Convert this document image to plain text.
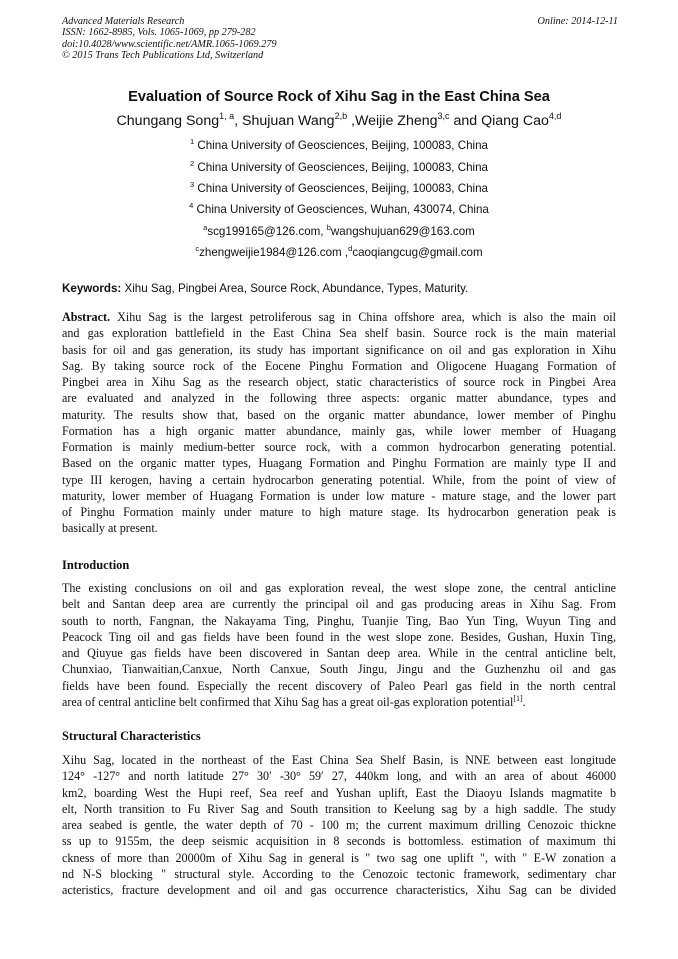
Advanced Materials Research
ISSN: 1662-8985, Vols. 1065-1069, pp 279-282
doi:10.4028/www.scientific.net/AMR.1065-1069.279
© 2015 Trans Tech Publications Ltd, Switzerland
Online: 2014-12-11
Evaluation of Source Rock of Xihu Sag in the East China Sea
Chungang Song$^{1, a}$, Shujuan Wang$^{2,b}$ ,Weijie Zheng$^{3,c}$ and Qiang Cao$^{4,d}$
$^1$ China University of Geosciences, Beijing, 100083, China
$^2$ China University of Geosciences, Beijing, 100083, China
$^3$ China University of Geosciences, Beijing, 100083, China
$^4$ China University of Geosciences, Wuhan, 430074, China
$^a$scg199165@126.com, $^b$wangshujuan629@163.com
$^c$zhengweijie1984@126.com ,$^d$caoqiangcug@gmail.com
Keywords: Xihu Sag, Pingbei Area, Source Rock, Abundance, Types, Maturity.
Abstract. Xihu Sag is the largest petroliferous sag in China offshore area, which is also the main oil
and gas exploration battlefield in the East China Sea shelf basin. Source rock is the main material
basis for oil and gas generation, its study has important significance on oil and gas exploration in Xihu
Sag. By taking source rock of the Eocene Pinghu Formation and Oligocene Huagang Formation of
Pingbei area in Xihu Sag as the research object, static characteristics of source rock in Pingbei Area
are evaluated and analyzed in the following three aspects: organic matter abundance, types and
maturity. The results show that, based on the organic matter abundance, lower member of Pinghu
Formation has a high organic matter abundance, mainly gas, while lower member of Huagang
Formation is mainly medium-better source rock, with a common hydrocarbon generating potential.
Based on the organic matter types, Huagang Formation and Pinghu Formation are mainly type II and
type III kerogen, having a certain hydrocarbon generating potential. While, from the point of view of
maturity, lower member of Huagang Formation is under low mature - mature stage, and the lower part
of Pinghu Formation mainly under mature to high mature stage. Its hydrocarbon generation peak is
basically at present.
Introduction
The existing conclusions on oil and gas exploration reveal, the west slope zone, the central anticline
belt and Santan deep area are currently the principal oil and gas producing areas in Xihu Sag. From
south to north, Fangnan, the Nakayama Ting, Pinghu, Tuanjie Ting, Bao Yun Ting, Wuyun Ting and
Peacock Ting oil and gas fields have been found in the west slope zone. Besides, Gushan, Huxin Ting,
and Qiuyue gas fields have been discovered in Santan deep area. While in the central anticline belt,
Chunxiao, Tianwaitian,Canxue, North Canxue, South Jingu, Jingu and the Guzhenzhu oil and gas
fields have been found. Especially the recent discovery of Paleo Pearl gas field in the north central
area of central anticline belt confirmed that Xihu Sag has a great oil-gas exploration potential[1].
Structural Characteristics
Xihu Sag, located in the northeast of the East China Sea Shelf Basin, is NNE between east longitude
124° -127° and north latitude 27° 30′ -30° 59′ 27, 440km long, and with an area of about 46000
km2, boarding West the Hupi reef, Sea reef and Yushan uplift, East the Diaoyu Islands magmatite b
elt, North transition to Fu River Sag and South transition to Keelung sag by a high saddle. The study
area seabed is gentle, the water depth of 70 - 100 m; the current maximum drilling Cenozoic thickne
ss up to 9155m, the deep seismic acquisition in 8 seconds is bottomless. estimation of maximum thi
ckness of more than 20000m of Xihu Sag in general is " two sag one uplift ", with " E-W zonation a
nd N-S blocking " structural style. According to the Cenozoic tectonic framework, sedimentary char
acteristics, fracture development and oil and gas occurrence characteristics, Xihu Sag can be divided
